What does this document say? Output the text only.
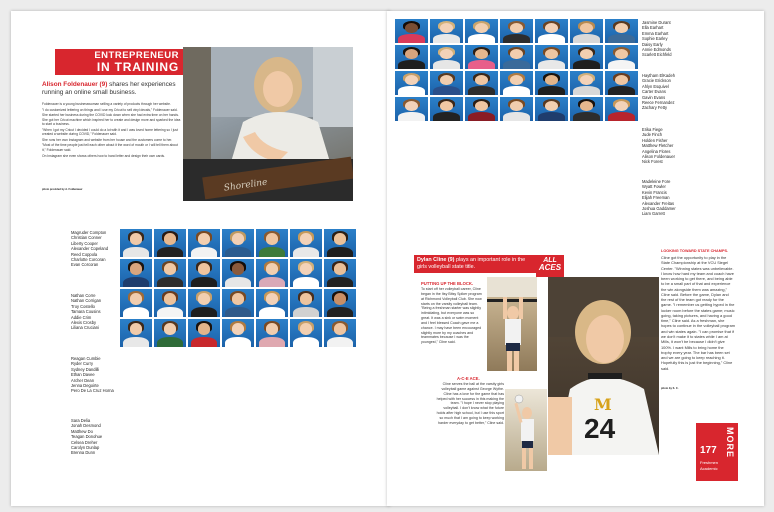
ENTREPRENEUR
IN TRAINING
Alison Foldenauer (9) shares her experiences running an online small business.

Foldenauer is a young businesswoman selling a variety of products through her website.

"I do customized lettering on things and I use my Cricut to sell vinyl decals," Foldenauer said.

She started her business during the COVID lock down when she had extra time on her hands. She got her Cricut machine which inspired her to create and design more and sparked the idea to start a business.

"When I got my Cricut I decided I could do a lot with it and I was loved home lettering so I just created a website during COVID," Foldenauer said.

She runs her own Instagram and website from her house and the customers come to her.

"Most of the time people just tell each other about it the word of mouth or I will tell them about it," Foldenauer said.

On Instagram she even shows others how to hand letter and design their own cards.

photo provided by A. Foldenauer	Shoreline
Magruder Compton
Christian Conner
Liberty Cooper
Alexander Copeland
Reed Coppola
Charlotte Corcoran
Evan Corcoran
Nathan Corre
Nathan Corrigan
Troy Costello
Tamara Cousins
Addie Crim
Alexis Crosby
Liliana Cruciani
Reagan Cumbie
Ryder Curry
Sydney Dandilli
Ethan Davee
Archer Dean
Jenna Degoirte
Pero De La Cruz Horna
Sara Delia
Jonah Desmond
Matthew Do
Teagan Donohue
Celsea Dreher
Carolyn Dunlap
Brenna Dunn
Jasmine Durant
Ella Earhart
Emma Earhart
Sophie Earley
Daisy Early
Annie Edmonds
Scarlett Eichfeld
Haytham ElKadeh
Gracie Erickson
Ahlyn Esquivel
Carter Evans
Gavin Evans
Reece Fernandez
Zachary Fetty
Erika Fiege
Jude Finch
Holden Fisher
Matthew Fletcher
Angelina Flores
Alison Foldenauer
Nick Forest
Madeleine Fore
Wyatt Fowler
Kevin Francis
Elijah Freeman
Alexander Freitas
Joshua Gaddamer
Liam Garrett
Dylan Cline (9) plays an important role in the girls volleyball state title.
ALL
ACES
PUTTING UP THE BLOCK.
To start off her volleyball career, Cline began in the Itsy Bitsy Spiker program at Richmond Volleyball Club. She now starts on the varsity volleyball team. "Being a freshman starter was slightly intimidating, but everyone was so great. It was a sink or swim moment and I feel blessed Coach gave me a chance. I may have been encouraged slightly more by my coaches and teammates because I was the youngest," Cline said.
A-C-E ACE.
Cline serves the ball at the varsity girls volleyball game against George Wythe. Cline has a love for the game that has helped with her success in this making the team. "I hope I never stop playing volleyball. I don't know what the future holds after high school, but I use this sport so much that I am going to keep working harder everyday to get better," Cline said.
M
24
LOOKING TOWARD STATE CHAMPS.
Cline got the opportunity to play in the State Championship at the VCU Siegel Center. "Winning states was unbelievable. I know how hard my team and coach have been working to get there, and being able to be a small part of that and experience the win alongside them was amazing," Cline said. Before the game, Dylan and the rest of the team got ready for the game. "I remember us getting hyped in the locker room before the states game; music going, taking pictures, and having a good time," Cline said. As a freshman, she hopes to continue in the volleyball program and win states again. "I can promise that if we don't make it to states while I am at Mills, it won't be because I didn't give 100%. I want Mills to bring home the trophy every year. The bar has been set and we are going to keep reaching it. Hopefully this is just the beginning," Cline said.
photo by S. C.
MORE
177
Freshmen
Academic
